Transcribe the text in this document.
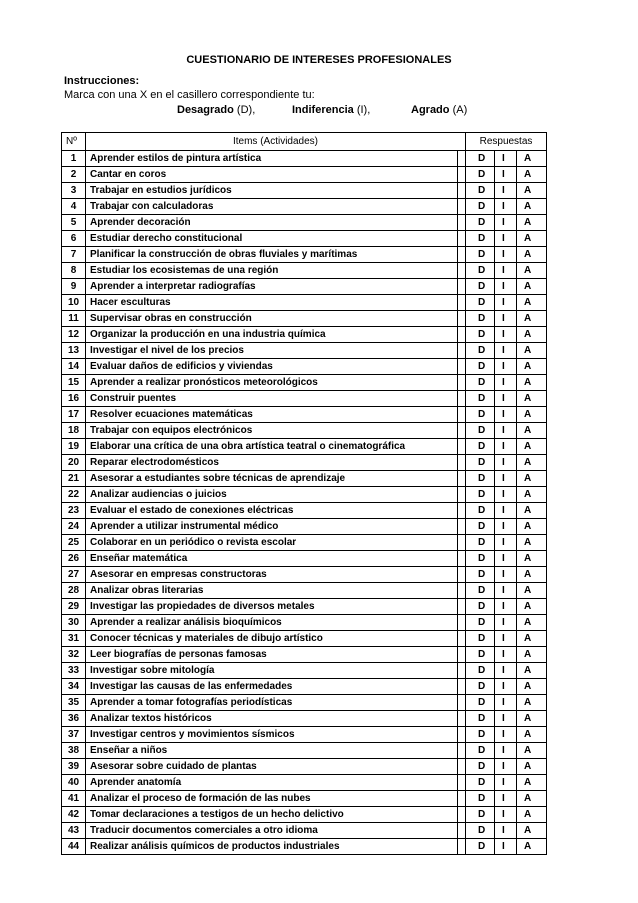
CUESTIONARIO DE INTERESES PROFESIONALES
Instrucciones:
Marca con una X en el casillero correspondiente tu:
Desagrado (D),	Indiferencia (I),	Agrado (A)
Nº	Items (Actividades)		Respuestas
1	Aprender estilos de pintura artística		D I A

2	Cantar en coros		D I A

3	Trabajar en estudios jurídicos		D I A

4	Trabajar con calculadoras		D I A

5	Aprender decoración		D I A

6	Estudiar derecho constitucional		D I A

7	Planificar la construcción de obras fluviales y marítimas		D I A

8	Estudiar los ecosistemas de una región		D I A

9	Aprender a interpretar radiografías		D I A

10	Hacer esculturas		D I A

11	Supervisar obras en construcción		D I A

12	Organizar la producción en una industria química		D I A

13	Investigar el nivel de los precios		D I A

14	Evaluar daños de edificios y viviendas		D I A

15	Aprender a realizar pronósticos meteorológicos		D I A

16	Construir puentes		D I A

17	Resolver ecuaciones matemáticas		D I A

18	Trabajar con equipos electrónicos		D I A

19	Elaborar una crítica de una obra artística teatral o cinematográfica		D I A

20	Reparar electrodomésticos		D I A

21	Asesorar a estudiantes sobre técnicas de aprendizaje		D I A

22	Analizar audiencias o juicios		D I A

23	Evaluar el estado de conexiones eléctricas		D I A

24	Aprender a utilizar instrumental médico		D I A

25	Colaborar en un periódico o revista escolar		D I A

26	Enseñar matemática		D I A

27	Asesorar en empresas constructoras		D I A

28	Analizar obras literarias		D I A

29	Investigar las propiedades de diversos metales		D I A

30	Aprender a realizar análisis bioquímicos		D I A

31	Conocer técnicas y materiales de dibujo artístico		D I A

32	Leer biografías de personas famosas		D I A

33	Investigar sobre mitología		D I A

34	Investigar las causas de las enfermedades		D I A

35	Aprender a tomar fotografías periodísticas		D I A

36	Analizar textos históricos		D I A

37	Investigar centros y movimientos sísmicos		D I A

38	Enseñar a niños		D I A

39	Asesorar sobre cuidado de plantas		D I A

40	Aprender anatomía		D I A

41	Analizar el proceso de formación de las nubes		D I A

42	Tomar declaraciones a testigos de un hecho delictivo		D I A

43	Traducir documentos comerciales a otro idioma		D I A

44	Realizar análisis químicos de productos industriales		D I A
